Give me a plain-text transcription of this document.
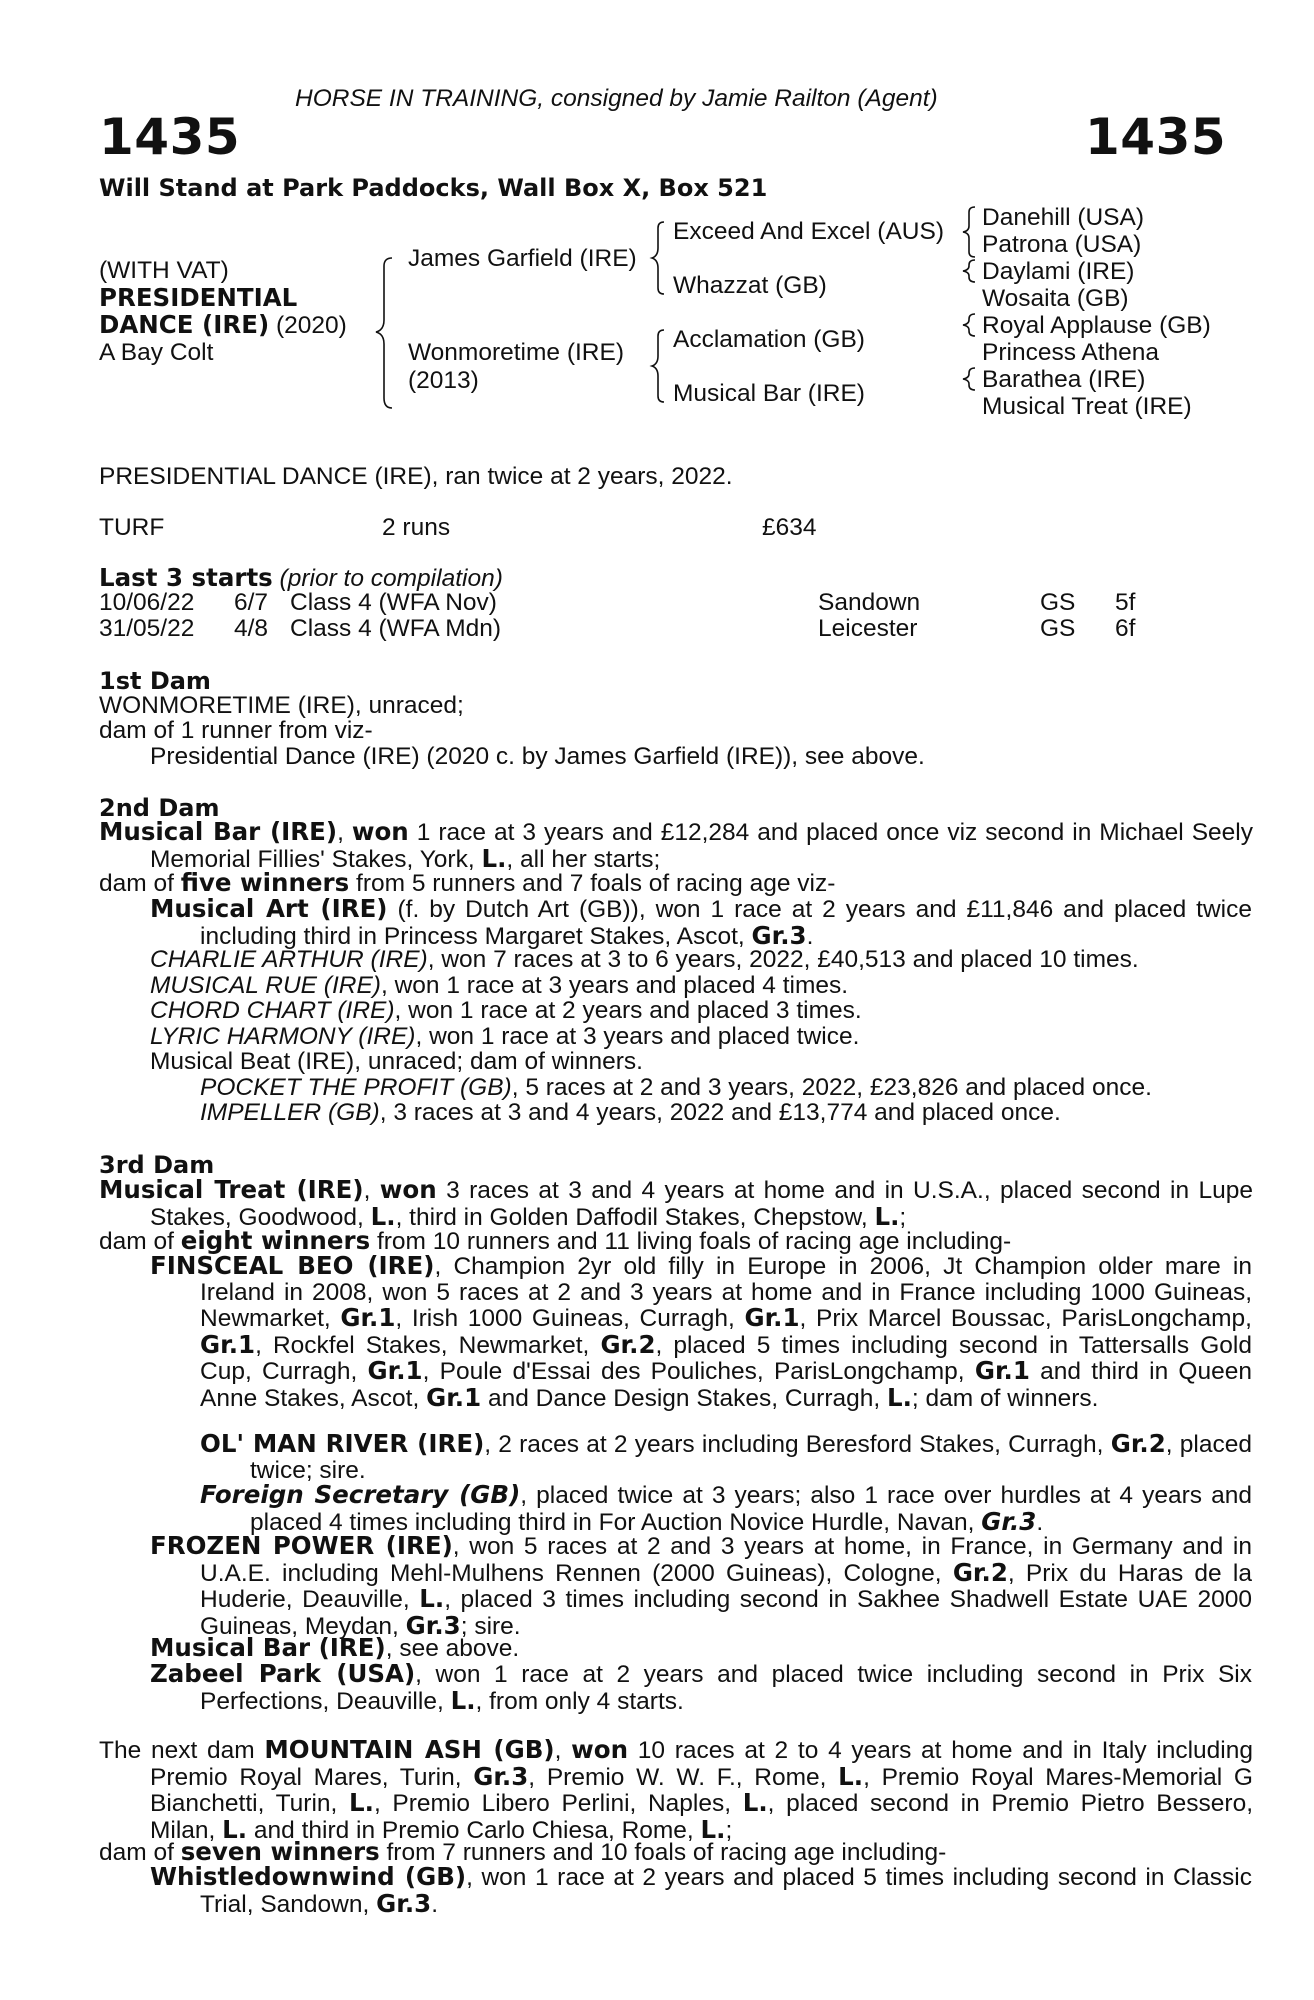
HORSE IN TRAINING, consigned by Jamie Railton (Agent)
1435	1435
Will Stand at Park Paddocks, Wall Box X, Box 521
(WITH VAT)
PRESIDENTIAL
DANCE (IRE) (2020)
A Bay Colt
James Garfield (IRE)
Wonmoretime (IRE)
(2013)
Exceed And Excel (AUS)
Whazzat (GB)
Acclamation (GB)
Musical Bar (IRE)
Danehill (USA)
Patrona (USA)
Daylami (IRE)
Wosaita (GB)
Royal Applause (GB)
Princess Athena
Barathea (IRE)
Musical Treat (IRE)
PRESIDENTIAL DANCE (IRE), ran twice at 2 years, 2022.
TURF	2 runs	£634
Last 3 starts (prior to compilation)
10/06/22 6/7 Class 4 (WFA Nov)	Sandown	GS 5f
31/05/22 4/8 Class 4 (WFA Mdn)	Leicester	GS 6f
1st Dam
WONMORETIME (IRE), unraced;
dam of 1 runner from viz-
Presidential Dance (IRE) (2020 c. by James Garfield (IRE)), see above.
2nd Dam
Musical Bar (IRE), won 1 race at 3 years and £12,284 and placed once viz second in Michael Seely Memorial Fillies' Stakes, York, L., all her starts;
dam of five winners from 5 runners and 7 foals of racing age viz-
Musical Art (IRE) (f. by Dutch Art (GB)), won 1 race at 2 years and £11,846 and placed twice including third in Princess Margaret Stakes, Ascot, Gr.3.
CHARLIE ARTHUR (IRE), won 7 races at 3 to 6 years, 2022, £40,513 and placed 10 times.
MUSICAL RUE (IRE), won 1 race at 3 years and placed 4 times.
CHORD CHART (IRE), won 1 race at 2 years and placed 3 times.
LYRIC HARMONY (IRE), won 1 race at 3 years and placed twice.
Musical Beat (IRE), unraced; dam of winners.
POCKET THE PROFIT (GB), 5 races at 2 and 3 years, 2022, £23,826 and placed once.
IMPELLER (GB), 3 races at 3 and 4 years, 2022 and £13,774 and placed once.
3rd Dam
Musical Treat (IRE), won 3 races at 3 and 4 years at home and in U.S.A., placed second in Lupe Stakes, Goodwood, L., third in Golden Daffodil Stakes, Chepstow, L.;
dam of eight winners from 10 runners and 11 living foals of racing age including-
FINSCEAL BEO (IRE), Champion 2yr old filly in Europe in 2006, Jt Champion older mare in Ireland in 2008, won 5 races at 2 and 3 years at home and in France including 1000 Guineas, Newmarket, Gr.1, Irish 1000 Guineas, Curragh, Gr.1, Prix Marcel Boussac, ParisLongchamp, Gr.1, Rockfel Stakes, Newmarket, Gr.2, placed 5 times including second in Tattersalls Gold Cup, Curragh, Gr.1, Poule d'Essai des Pouliches, ParisLongchamp, Gr.1 and third in Queen Anne Stakes, Ascot, Gr.1 and Dance Design Stakes, Curragh, L.; dam of winners.
OL' MAN RIVER (IRE), 2 races at 2 years including Beresford Stakes, Curragh, Gr.2, placed twice; sire.
Foreign Secretary (GB), placed twice at 3 years; also 1 race over hurdles at 4 years and placed 4 times including third in For Auction Novice Hurdle, Navan, Gr.3.
FROZEN POWER (IRE), won 5 races at 2 and 3 years at home, in France, in Germany and in U.A.E. including Mehl-Mulhens Rennen (2000 Guineas), Cologne, Gr.2, Prix du Haras de la Huderie, Deauville, L., placed 3 times including second in Sakhee Shadwell Estate UAE 2000 Guineas, Meydan, Gr.3; sire.
Musical Bar (IRE), see above.
Zabeel Park (USA), won 1 race at 2 years and placed twice including second in Prix Six Perfections, Deauville, L., from only 4 starts.
The next dam MOUNTAIN ASH (GB), won 10 races at 2 to 4 years at home and in Italy including Premio Royal Mares, Turin, Gr.3, Premio W. W. F., Rome, L., Premio Royal Mares-Memorial G Bianchetti, Turin, L., Premio Libero Perlini, Naples, L., placed second in Premio Pietro Bessero, Milan, L. and third in Premio Carlo Chiesa, Rome, L.;
dam of seven winners from 7 runners and 10 foals of racing age including-
Whistledownwind (GB), won 1 race at 2 years and placed 5 times including second in Classic Trial, Sandown, Gr.3.
